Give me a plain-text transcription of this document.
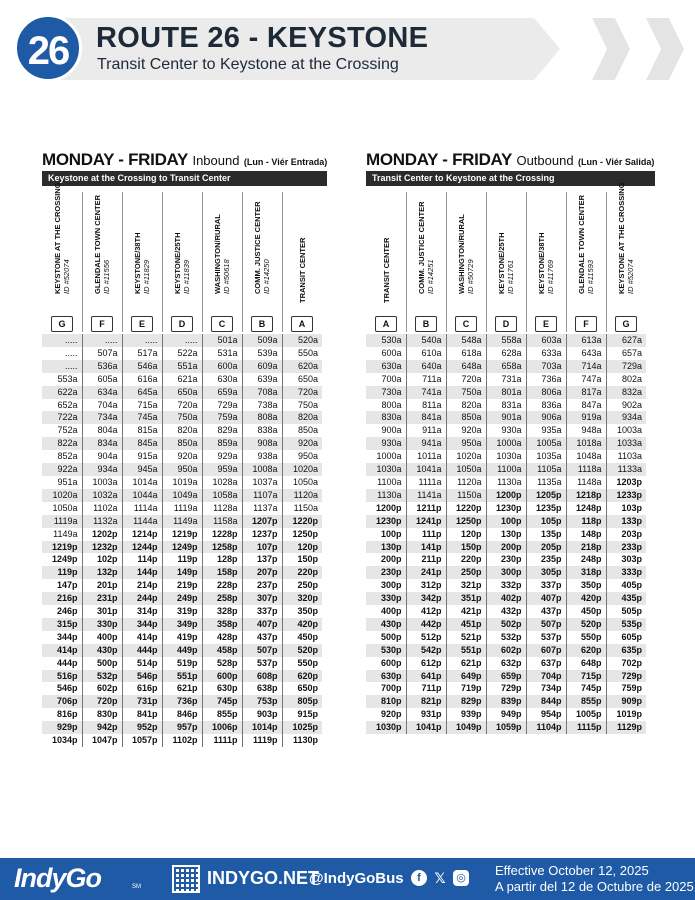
26 ROUTE 26 - KEYSTONE
Transit Center to Keystone at the Crossing
MONDAY - FRIDAY Inbound (Lun - Viér Entrada)
Keystone at the Crossing to Transit Center
KEYSTONE AT THE CROSSING ID #52074
G
GLENDALE TOWN CENTER ID #11556
F
KEYSTONE/38TH ID #11829
E
KEYSTONE/25TH ID #11839
D
WASHINGTON/RURAL ID #50618
C
COMM. JUSTICE CENTER ID #14250
B
TRANSIT CENTER
A
.....	.....	.....	.....	501a	509a	520a
.....	507a	517a	522a	531a	539a	550a
.....	536a	546a	551a	600a	609a	620a
553a	605a	616a	621a	630a	639a	650a
622a	634a	645a	650a	659a	708a	720a
652a	704a	715a	720a	729a	738a	750a
722a	734a	745a	750a	759a	808a	820a
752a	804a	815a	820a	829a	838a	850a
822a	834a	845a	850a	859a	908a	920a
852a	904a	915a	920a	929a	938a	950a
922a	934a	945a	950a	959a	1008a	1020a
951a	1003a	1014a	1019a	1028a	1037a	1050a
1020a	1032a	1044a	1049a	1058a	1107a	1120a
1050a	1102a	1114a	1119a	1128a	1137a	1150a
1119a	1132a	1144a	1149a	1158a	1207p	1220p
1149a	1202p	1214p	1219p	1228p	1237p	1250p
1219p	1232p	1244p	1249p	1258p	107p	120p
1249p	102p	114p	119p	128p	137p	150p
119p	132p	144p	149p	158p	207p	220p
147p	201p	214p	219p	228p	237p	250p
216p	231p	244p	249p	258p	307p	320p
246p	301p	314p	319p	328p	337p	350p
315p	330p	344p	349p	358p	407p	420p
344p	400p	414p	419p	428p	437p	450p
414p	430p	444p	449p	458p	507p	520p
444p	500p	514p	519p	528p	537p	550p
516p	532p	546p	551p	600p	608p	620p
546p	602p	616p	621p	630p	638p	650p
706p	720p	731p	736p	745p	753p	805p
816p	830p	841p	846p	855p	903p	915p
929p	942p	952p	957p	1006p	1014p	1025p
1034p	1047p	1057p	1102p	1111p	1119p	1130p
MONDAY - FRIDAY Outbound (Lun - Viér Salida)
Transit Center to Keystone at the Crossing
TRANSIT CENTER
A
COMM. JUSTICE CENTER ID #14251
B
WASHINGTON/RURAL ID #50729
C
KEYSTONE/25TH ID #11761
D
KEYSTONE/38TH ID #11769
E
GLENDALE TOWN CENTER ID #11593
F
KEYSTONE AT THE CROSSING ID #52074
G
530a	540a	548a	558a	603a	613a	627a
600a	610a	618a	628a	633a	643a	657a
630a	640a	648a	658a	703a	714a	729a
700a	711a	720a	731a	736a	747a	802a
730a	741a	750a	801a	806a	817a	832a
800a	811a	820a	831a	836a	847a	902a
830a	841a	850a	901a	906a	919a	934a
900a	911a	920a	930a	935a	948a	1003a
930a	941a	950a	1000a	1005a	1018a	1033a
1000a	1011a	1020a	1030a	1035a	1048a	1103a
1030a	1041a	1050a	1100a	1105a	1118a	1133a
1100a	1111a	1120a	1130a	1135a	1148a	1203p
1130a	1141a	1150a	1200p	1205p	1218p	1233p
1200p	1211p	1220p	1230p	1235p	1248p	103p
1230p	1241p	1250p	100p	105p	118p	133p
100p	111p	120p	130p	135p	148p	203p
130p	141p	150p	200p	205p	218p	233p
200p	211p	220p	230p	235p	248p	303p
230p	241p	250p	300p	305p	318p	333p
300p	312p	321p	332p	337p	350p	405p
330p	342p	351p	402p	407p	420p	435p
400p	412p	421p	432p	437p	450p	505p
430p	442p	451p	502p	507p	520p	535p
500p	512p	521p	532p	537p	550p	605p
530p	542p	551p	602p	607p	620p	635p
600p	612p	621p	632p	637p	648p	702p
630p	641p	649p	659p	704p	715p	729p
700p	711p	719p	729p	734p	745p	759p
810p	821p	829p	839p	844p	855p	909p
920p	931p	939p	949p	954p	1005p	1019p
1030p	1041p	1049p	1059p	1104p	1115p	1129p
IndyGo	SM	INDYGO.NET
@IndyGoBus	f 𝕏 ◎ Effective October 12, 2025
A partir del 12 de Octubre de 2025
